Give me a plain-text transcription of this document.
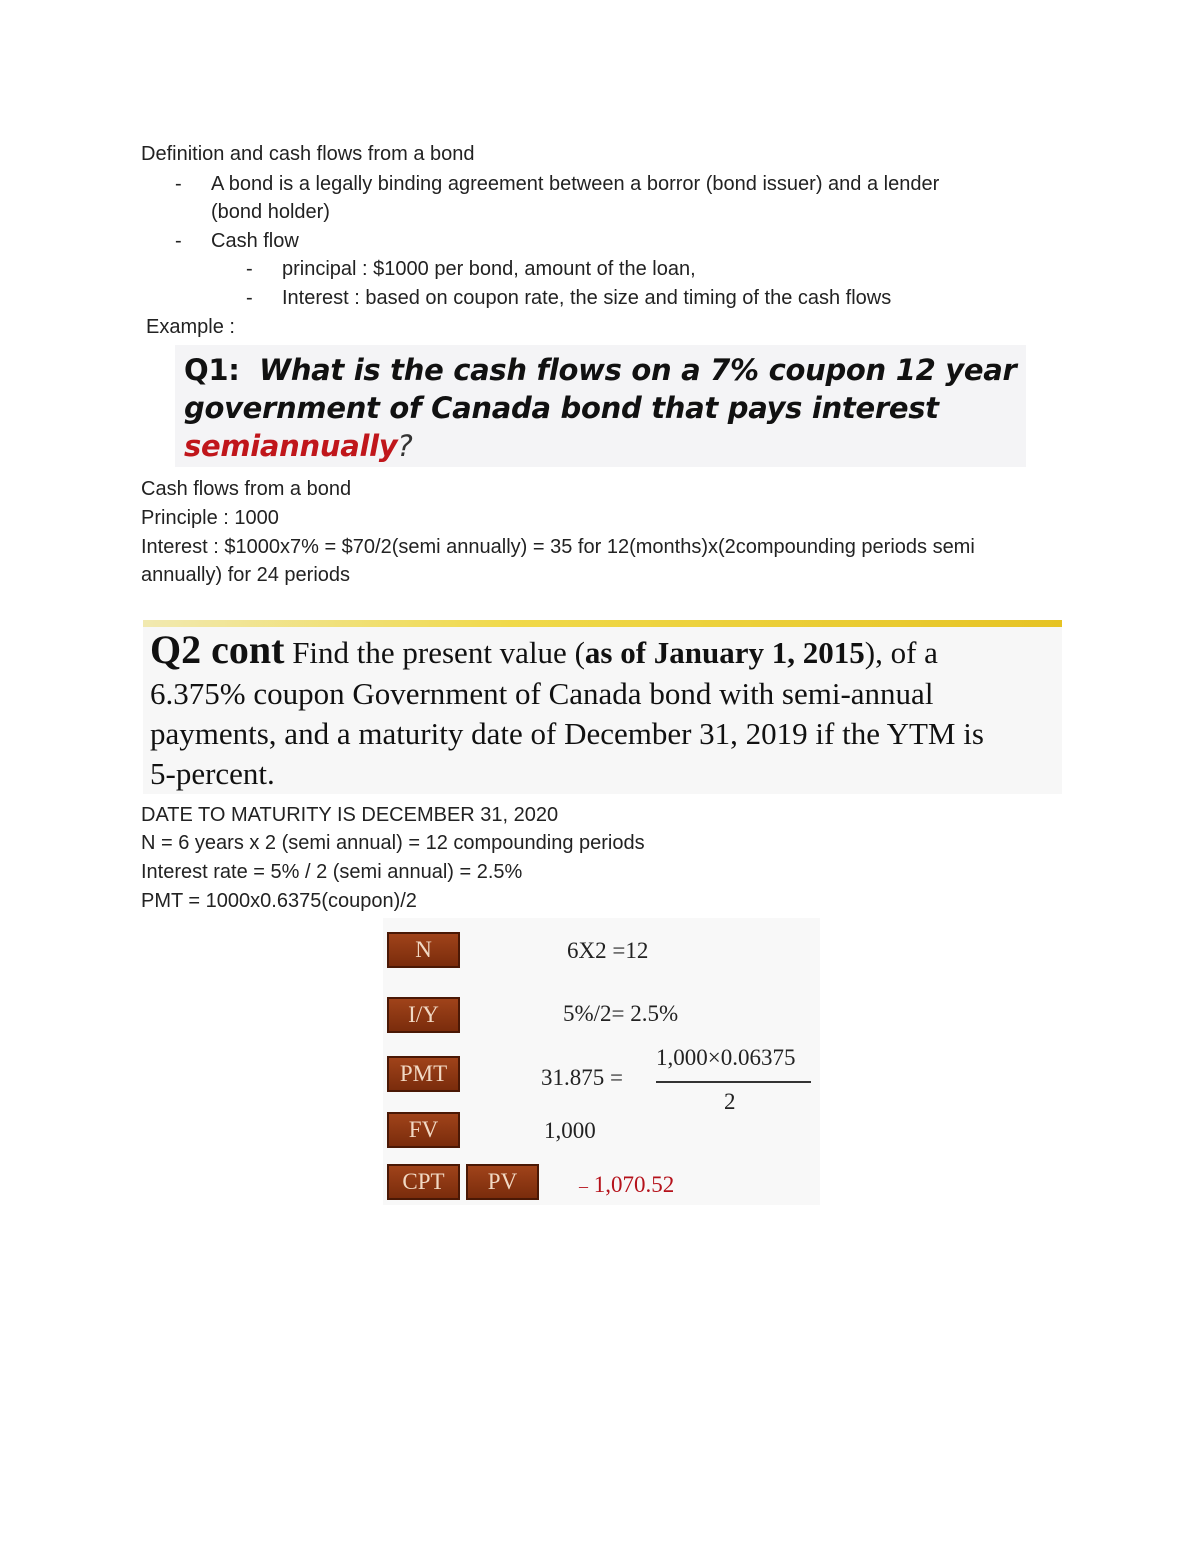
Definition and cash flows from a bond
- A bond is a legally binding agreement between a borror (bond issuer) and a lender
(bond holder)
- Cash flow
- principal : $1000 per bond, amount of the loan,
- Interest : based on coupon rate, the size and timing of the cash flows
Example :
Q1: What is the cash flows on a 7% coupon 12 year
government of Canada bond that pays interest
semiannually?
Cash flows from a bond
Principle : 1000
Interest : $1000x7% = $70/2(semi annually) = 35 for 12(months)x(2compounding periods semi
annually) for 24 periods
Q2 cont Find the present value (as of January 1, 2015), of a
6.375% coupon Government of Canada bond with semi-annual
payments, and a maturity date of December 31, 2019 if the YTM is
5-percent.
DATE TO MATURITY IS DECEMBER 31, 2020
N = 6 years x 2 (semi annual) = 12 compounding periods
Interest rate = 5% / 2 (semi annual) = 2.5%
PMT = 1000x0.6375(coupon)/2
N	6X2 =12
I/Y	5%/2= 2.5%
PMT	31.875 =
1,000×0.06375
2
FV	1,000
CPT	PV	– 1,070.52
